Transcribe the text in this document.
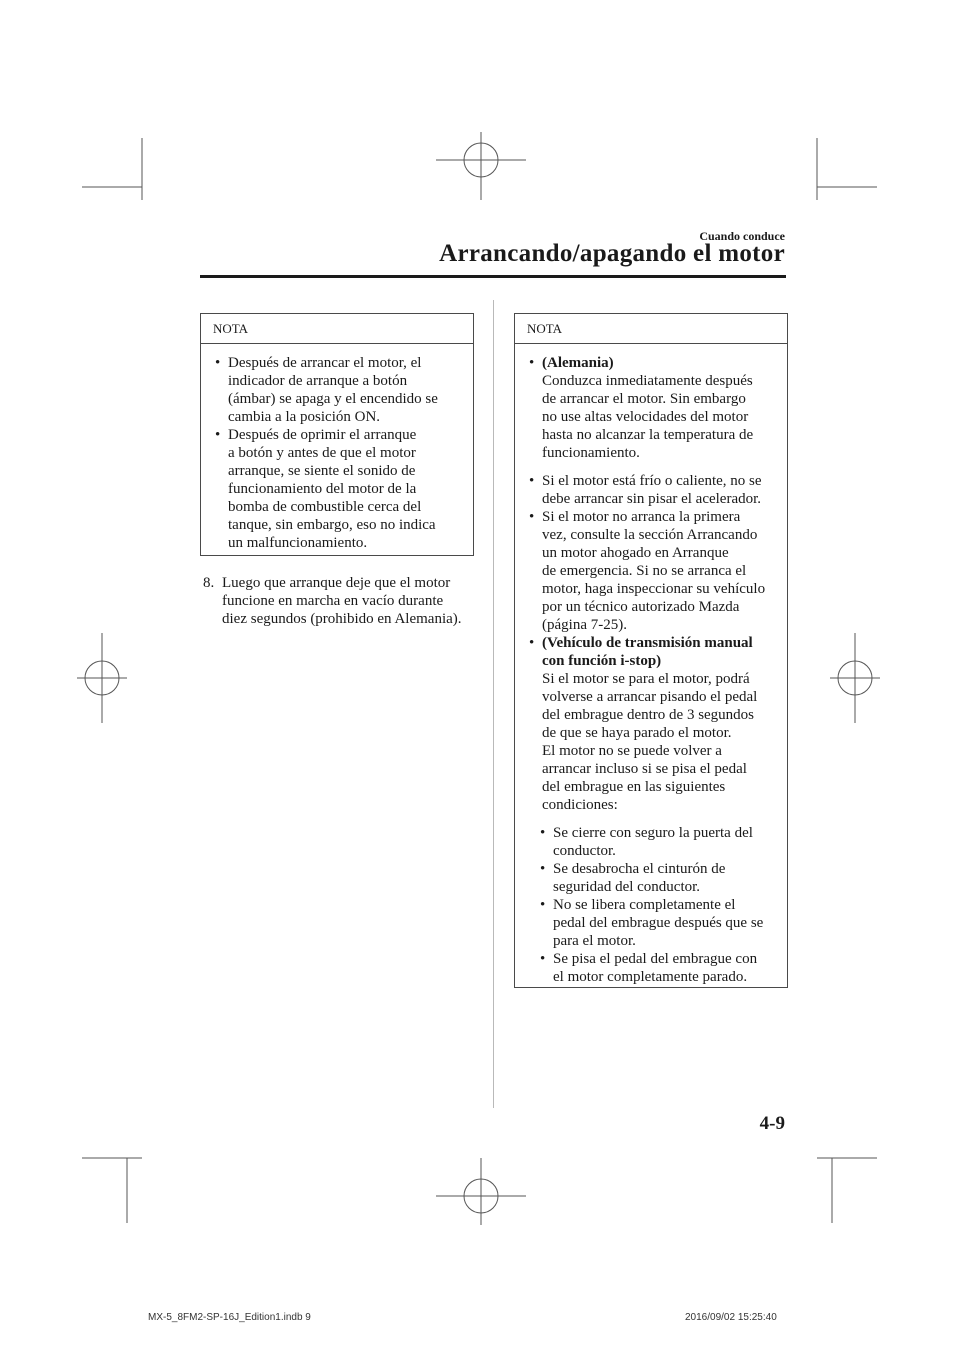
Cuando conduce
Arrancando/apagando el motor
NOTA
• Después de arrancar el motor, el
indicador de arranque a botón
(ámbar) se apaga y el encendido se
cambia a la posición ON.
• Después de oprimir el arranque
a botón y antes de que el motor
arranque, se siente el sonido de
funcionamiento del motor de la
bomba de combustible cerca del
tanque, sin embargo, eso no indica
un malfuncionamiento.
8. Luego que arranque deje que el motor
funcione en marcha en vacío durante
diez segundos (prohibido en Alemania).
NOTA
• (Alemania)
Conduzca inmediatamente después
de arrancar el motor. Sin embargo
no use altas velocidades del motor
hasta no alcanzar la temperatura de
funcionamiento.
• Si el motor está frío o caliente, no se
debe arrancar sin pisar el acelerador.
• Si el motor no arranca la primera
vez, consulte la sección Arrancando
un motor ahogado en Arranque
de emergencia. Si no se arranca el
motor, haga inspeccionar su vehículo
por un técnico autorizado Mazda
(página 7-25).
• (Vehículo de transmisión manual
con función i-stop)
Si el motor se para el motor, podrá
volverse a arrancar pisando el pedal
del embrague dentro de 3 segundos
de que se haya parado el motor.
El motor no se puede volver a
arrancar incluso si se pisa el pedal
del embrague en las siguientes
condiciones:
• Se cierre con seguro la puerta del
conductor.
• Se desabrocha el cinturón de
seguridad del conductor.
• No se libera completamente el
pedal del embrague después que se
para el motor.
• Se pisa el pedal del embrague con
el motor completamente parado.
4-9
MX-5_8FM2-SP-16J_Edition1.indb 9	2016/09/02 15:25:40
